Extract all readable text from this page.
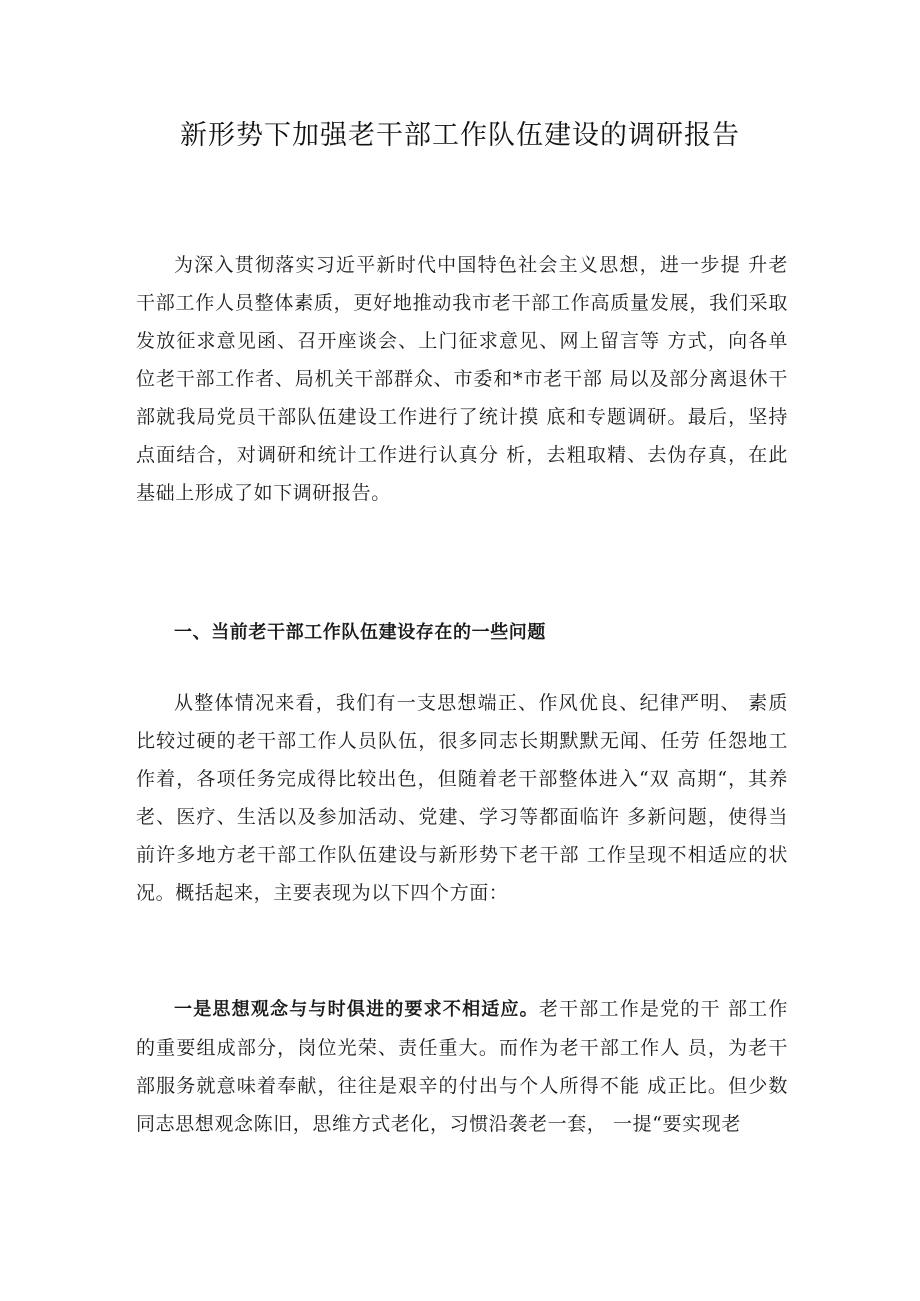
新形势下加强老干部工作队伍建设的调研报告

为深入贯彻落实习近平新时代中国特色社会主义思想，进一步提 升老干部工作人员整体素质，更好地推动我市老干部工作高质量发展，我们采取发放征求意见函、召开座谈会、上门征求意见、网上留言等 方式，向各单位老干部工作者、局机关干部群众、市委和*市老干部 局以及部分离退休干部就我局党员干部队伍建设工作进行了统计摸 底和专题调研。最后，坚持点面结合，对调研和统计工作进行认真分 析，去粗取精、去伪存真，在此基础上形成了如下调研报告。

一、当前老干部工作队伍建设存在的一些问题

从整体情况来看，我们有一支思想端正、作风优良、纪律严明、 素质比较过硬的老干部工作人员队伍，很多同志长期默默无闻、任劳 任怨地工作着，各项任务完成得比较出色，但随着老干部整体进入“双 高期“，其养老、医疗、生活以及参加活动、党建、学习等都面临许 多新问题，使得当前许多地方老干部工作队伍建设与新形势下老干部 工作呈现不相适应的状况。概括起来，主要表现为以下四个方面：

一是思想观念与与时俱进的要求不相适应。老干部工作是党的干 部工作的重要组成部分，岗位光荣、责任重大。而作为老干部工作人 员，为老干部服务就意味着奉献，往往是艰辛的付出与个人所得不能 成正比。但少数同志思想观念陈旧，思维方式老化，习惯沿袭老一套， 一提“要实现老
